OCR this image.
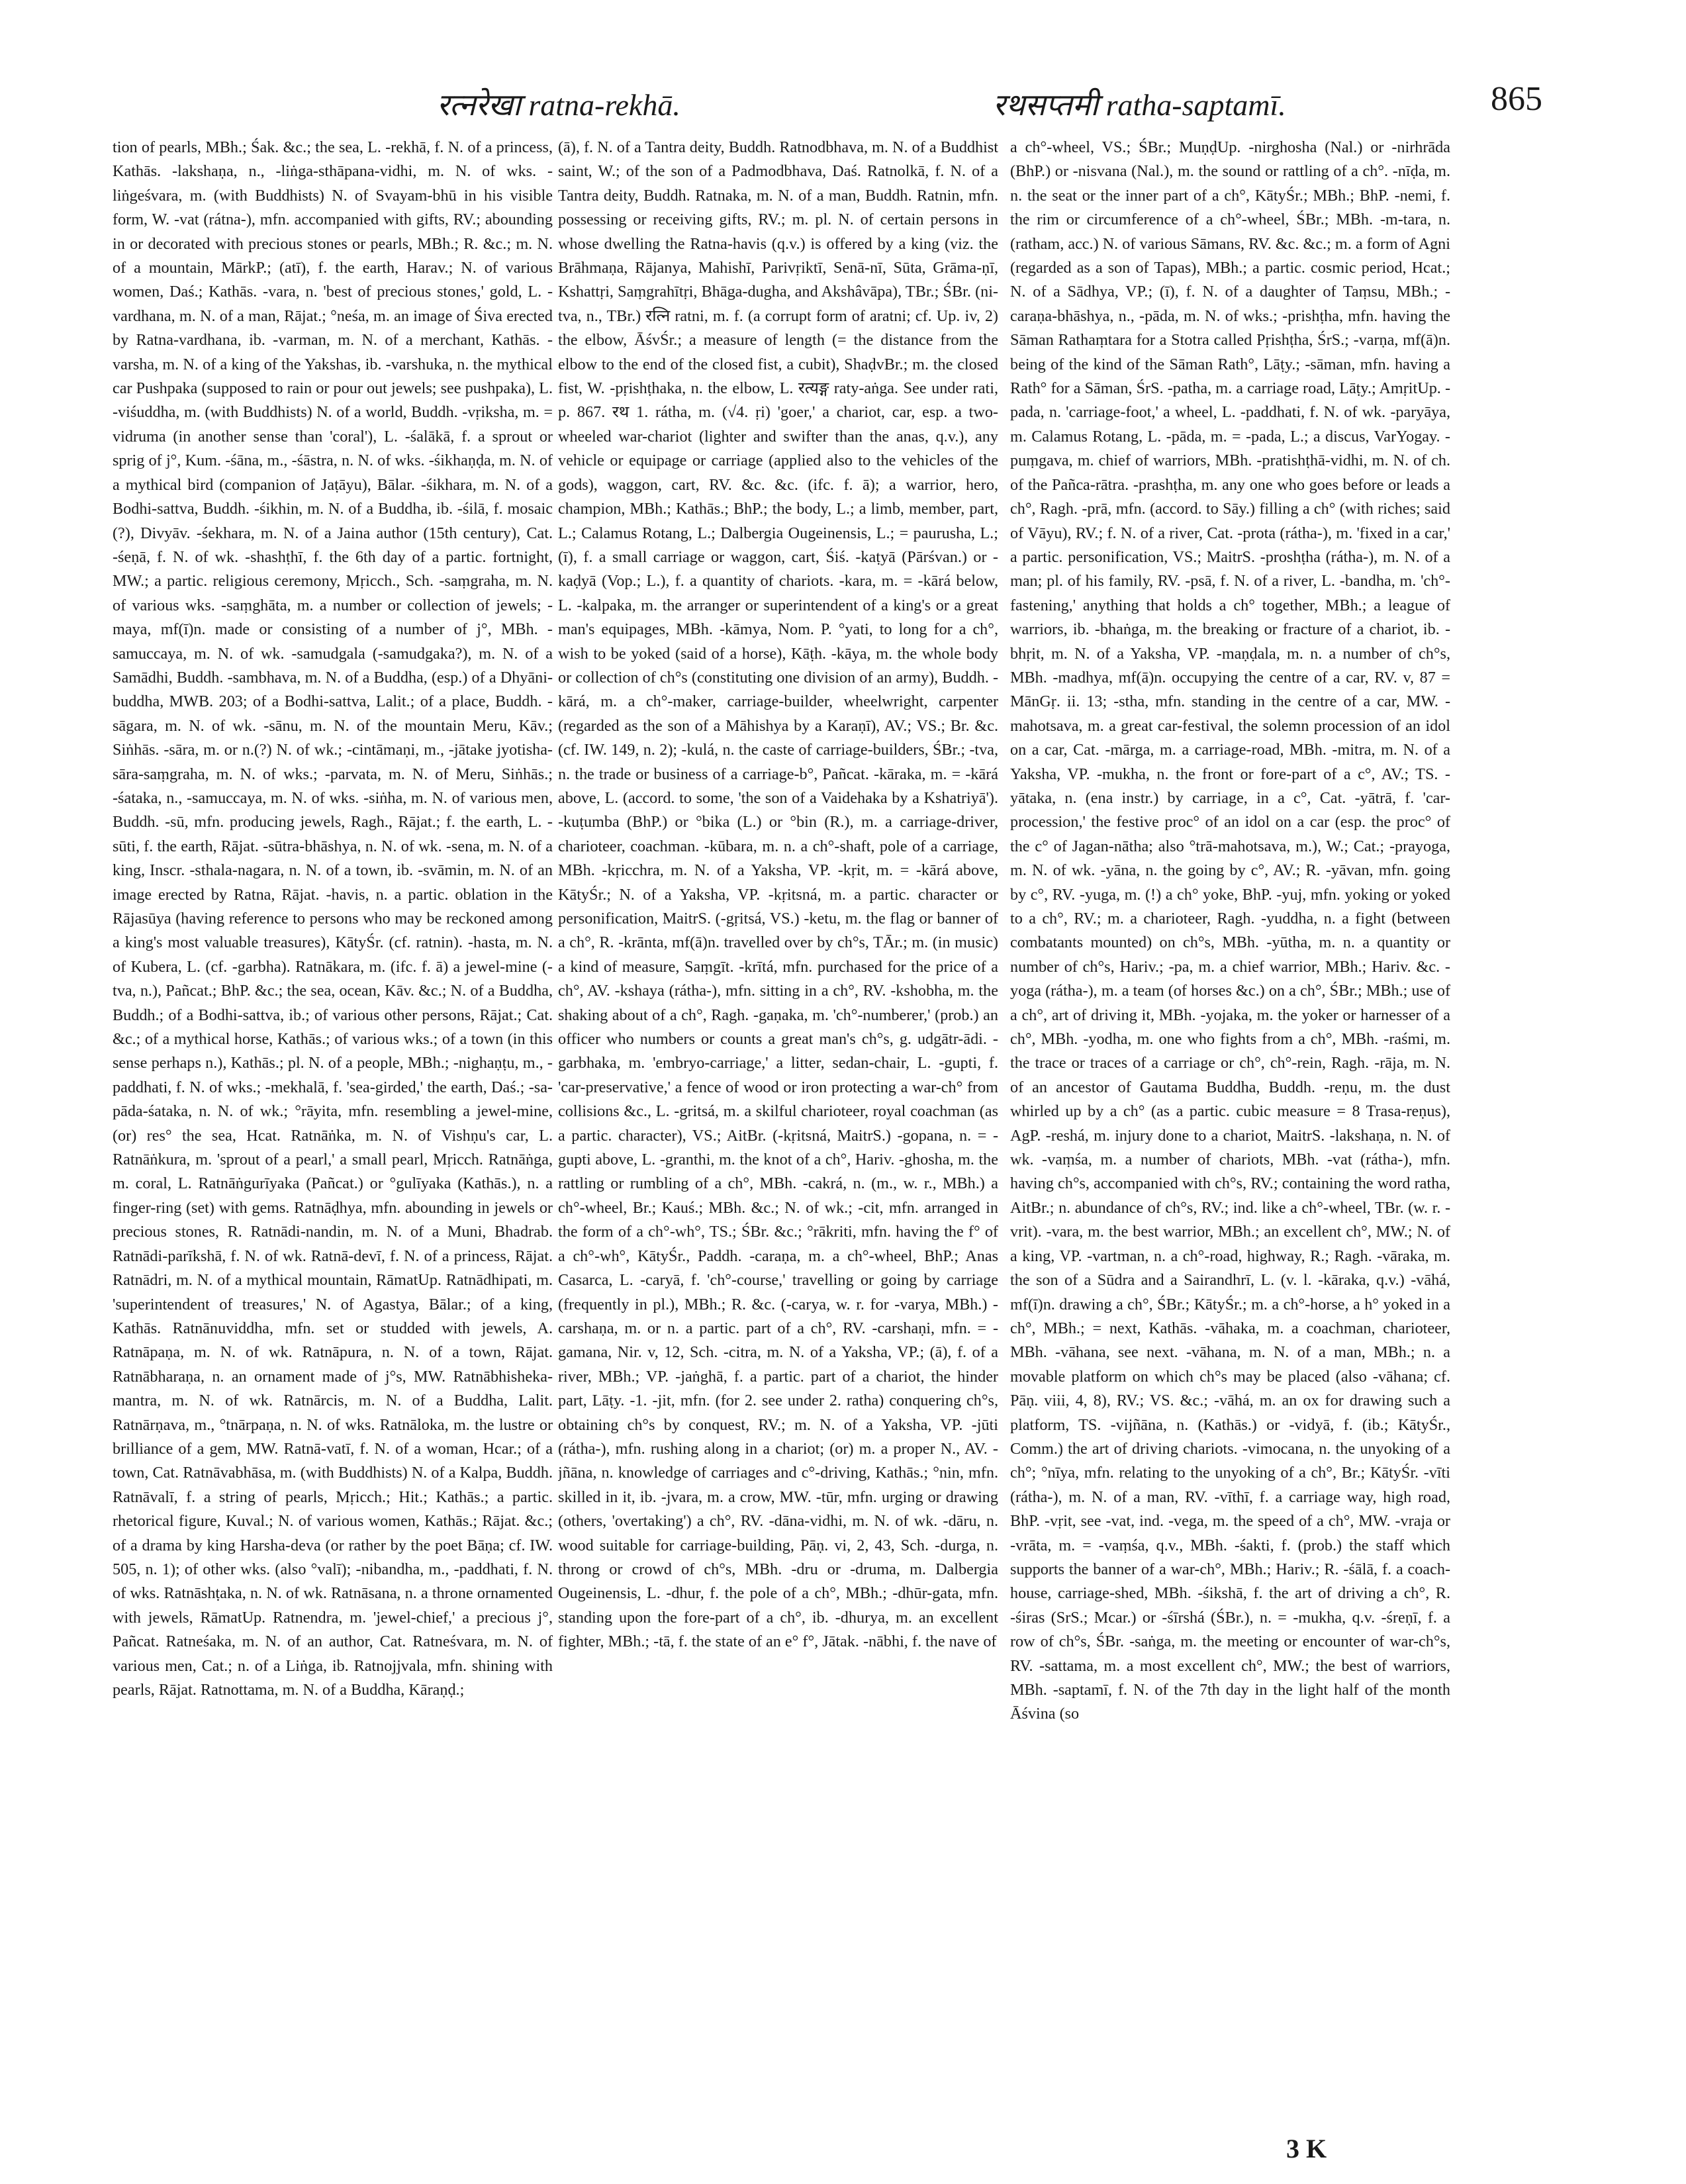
रत्नरेखा ratna-rekhā.	रथसप्तमी ratha-saptamī.	865

tion of pearls, MBh.; Śak. &c.; the sea, L. -rekhā, f. N. of a princess, Kathās. -lakshaṇa, n., -liṅga-sthāpana-vidhi, m. N. of wks. -liṅgeśvara, m. (with Buddhists) N. of Svayam-bhū in his visible form, W. -vat (rátna-), mfn. accompanied with gifts, RV.; abounding in or decorated with precious stones or pearls, MBh.; R. &c.; m. N. of a mountain, MārkP.; (atī), f. the earth, Harav.; N. of various women, Daś.; Kathās. -vara, n. 'best of precious stones,' gold, L. -vardhana, m. N. of a man, Rājat.; °neśa, m. an image of Śiva erected by Ratna-vardhana, ib. -varman, m. N. of a merchant, Kathās. -varsha, m. N. of a king of the Yakshas, ib. -varshuka, n. the mythical car Pushpaka (supposed to rain or pour out jewels; see pushpaka), L. -viśuddha, m. (with Buddhists) N. of a world, Buddh. -vṛiksha, m. = vidruma (in another sense than 'coral'), L. -śalākā, f. a sprout or sprig of j°, Kum. -śāna, m., -śāstra, n. N. of wks. -śikhaṇḍa, m. N. of a mythical bird (companion of Jaṭāyu), Bālar. -śikhara, m. N. of a Bodhi-sattva, Buddh. -śikhin, m. N. of a Buddha, ib. -śilā, f. mosaic (?), Divyāv. -śekhara, m. N. of a Jaina author (15th century), Cat. -śeṇā, f. N. of wk. -shashṭhī, f. the 6th day of a partic. fortnight, MW.; a partic. religious ceremony, Mṛicch., Sch. -saṃgraha, m. N. of various wks. -saṃghāta, m. a number or collection of jewels; -maya, mf(ī)n. made or consisting of a number of j°, MBh. -samuccaya, m. N. of wk. -samudgala (-samudgaka?), m. N. of a Samādhi, Buddh. -sambhava, m. N. of a Buddha, (esp.) of a Dhyāni-buddha, MWB. 203; of a Bodhi-sattva, Lalit.; of a place, Buddh. -sāgara, m. N. of wk. -sānu, m. N. of the mountain Meru, Kāv.; Siṅhās. -sāra, m. or n.(?) N. of wk.; -cintāmaṇi, m., -jātake jyotisha-sāra-saṃgraha, m. N. of wks.; -parvata, m. N. of Meru, Siṅhās.; -śataka, n., -samuccaya, m. N. of wks. -siṅha, m. N. of various men, Buddh. -sū, mfn. producing jewels, Ragh., Rājat.; f. the earth, L. -sūti, f. the earth, Rājat. -sūtra-bhāshya, n. N. of wk. -sena, m. N. of a king, Inscr. -sthala-nagara, n. N. of a town, ib. -svāmin, m. N. of an image erected by Ratna, Rājat. -havis, n. a partic. oblation in the Rājasūya (having reference to persons who may be reckoned among a king's most valuable treasures), KātyŚr. (cf. ratnin). -hasta, m. N. of Kubera, L. (cf. -garbha). Ratnākara, m. (ifc. f. ā) a jewel-mine (-tva, n.), Pañcat.; BhP. &c.; the sea, ocean, Kāv. &c.; N. of a Buddha, Buddh.; of a Bodhi-sattva, ib.; of various other persons, Rājat.; Cat. &c.; of a mythical horse, Kathās.; of various wks.; of a town (in this sense perhaps n.), Kathās.; pl. N. of a people, MBh.; -nighaṇṭu, m., -paddhati, f. N. of wks.; -mekhalā, f. 'sea-girded,' the earth, Daś.; -sa-pāda-śataka, n. N. of wk.; °rāyita, mfn. resembling a jewel-mine, (or) res° the sea, Hcat. Ratnāṅka, m. N. of Vishṇu's car, L. Ratnāṅkura, m. 'sprout of a pearl,' a small pearl, Mṛicch. Ratnāṅga, m. coral, L. Ratnāṅgurīyaka (Pañcat.) or °gulīyaka (Kathās.), n. a finger-ring (set) with gems. Ratnāḍhya, mfn. abounding in jewels or precious stones, R. Ratnādi-nandin, m. N. of a Muni, Bhadrab. Ratnādi-parīkshā, f. N. of wk. Ratnā-devī, f. N. of a princess, Rājat. Ratnādri, m. N. of a mythical mountain, RāmatUp. Ratnādhipati, m. 'superintendent of treasures,' N. of Agastya, Bālar.; of a king, Kathās. Ratnānuviddha, mfn. set or studded with jewels, A. Ratnāpaṇa, m. N. of wk. Ratnāpura, n. N. of a town, Rājat. Ratnābharaṇa, n. an ornament made of j°s, MW. Ratnābhisheka-mantra, m. N. of wk. Ratnārcis, m. N. of a Buddha, Lalit. Ratnārṇava, m., °tnārpaṇa, n. N. of wks. Ratnāloka, m. the lustre or brilliance of a gem, MW. Ratnā-vatī, f. N. of a woman, Hcar.; of a town, Cat. Ratnāvabhāsa, m. (with Buddhists) N. of a Kalpa, Buddh. Ratnāvalī, f. a string of pearls, Mṛicch.; Hit.; Kathās.; a partic. rhetorical figure, Kuval.; N. of various women, Kathās.; Rājat. &c.; of a drama by king Harsha-deva (or rather by the poet Bāṇa; cf. IW. 505, n. 1); of other wks. (also °valī); -nibandha, m., -paddhati, f. N. of wks. Ratnāshṭaka, n. N. of wk. Ratnāsana, n. a throne ornamented with jewels, RāmatUp. Ratnendra, m. 'jewel-chief,' a precious j°, Pañcat. Ratneśaka, m. N. of an author, Cat. Ratneśvara, m. N. of various men, Cat.; n. of a Liṅga, ib. Ratnojjvala, mfn. shining with pearls, Rājat. Ratnottama, m. N. of a Buddha, Kāraṇḍ.;

(ā), f. N. of a Tantra deity, Buddh. Ratnodbhava, m. N. of a Buddhist saint, W.; of the son of a Padmodbhava, Daś. Ratnolkā, f. N. of a Tantra deity, Buddh. Ratnaka, m. N. of a man, Buddh. Ratnin, mfn. possessing or receiving gifts, RV.; m. pl. N. of certain persons in whose dwelling the Ratna-havis (q.v.) is offered by a king (viz. the Brāhmaṇa, Rājanya, Mahishī, Parivṛiktī, Senā-nī, Sūta, Grāma-ṇī, Kshattṛi, Saṃgrahītṛi, Bhāga-dugha, and Akshâvāpa), TBr.; ŚBr. (ni-tva, n., TBr.) रत्नि ratni, m. f. (a corrupt form of aratni; cf. Up. iv, 2) the elbow, ĀśvŚr.; a measure of length (= the distance from the elbow to the end of the closed fist, a cubit), ShaḍvBr.; m. the closed fist, W. -pṛishṭhaka, n. the elbow, L. रत्यङ्ग raty-aṅga. See under rati, p. 867. रथ 1. rátha, m. (√4. ṛi) 'goer,' a chariot, car, esp. a two-wheeled war-chariot (lighter and swifter than the anas, q.v.), any vehicle or equipage or carriage (applied also to the vehicles of the gods), waggon, cart, RV. &c. &c. (ifc. f. ā); a warrior, hero, champion, MBh.; Kathās.; BhP.; the body, L.; a limb, member, part, L.; Calamus Rotang, L.; Dalbergia Ougeinensis, L.; = paurusha, L.; (ī), f. a small carriage or waggon, cart, Śiś. -kaṭyā (Pārśvan.) or -kaḍyā (Vop.; L.), f. a quantity of chariots. -kara, m. = -kārá below, L. -kalpaka, m. the arranger or superintendent of a king's or a great man's equipages, MBh. -kāmya, Nom. P. °yati, to long for a ch°, wish to be yoked (said of a horse), Kāṭh. -kāya, m. the whole body or collection of ch°s (constituting one division of an army), Buddh. -kārá, m. a ch°-maker, carriage-builder, wheelwright, carpenter (regarded as the son of a Māhishya by a Karaṇī), AV.; VS.; Br. &c. (cf. IW. 149, n. 2); -kulá, n. the caste of carriage-builders, ŚBr.; -tva, n. the trade or business of a carriage-b°, Pañcat. -kāraka, m. = -kārá above, L. (accord. to some, 'the son of a Vaidehaka by a Kshatriyā'). -kuṭumba (BhP.) or °bika (L.) or °bin (R.), m. a carriage-driver, charioteer, coachman. -kūbara, m. n. a ch°-shaft, pole of a carriage, MBh. -kṛicchra, m. N. of a Yaksha, VP. -kṛit, m. = -kārá above, KātyŚr.; N. of a Yaksha, VP. -kṛitsná, m. a partic. character or personification, MaitrS. (-gṛitsá, VS.) -ketu, m. the flag or banner of a ch°, R. -krānta, mf(ā)n. travelled over by ch°s, TĀr.; m. (in music) a kind of measure, Saṃgīt. -krītá, mfn. purchased for the price of a ch°, AV. -kshaya (rátha-), mfn. sitting in a ch°, RV. -kshobha, m. the shaking about of a ch°, Ragh. -gaṇaka, m. 'ch°-numberer,' (prob.) an officer who numbers or counts a great man's ch°s, g. udgātr-ādi. -garbhaka, m. 'embryo-carriage,' a litter, sedan-chair, L. -gupti, f. 'car-preservative,' a fence of wood or iron protecting a war-ch° from collisions &c., L. -gritsá, m. a skilful charioteer, royal coachman (as a partic. character), VS.; AitBr. (-kṛitsná, MaitrS.) -gopana, n. = -gupti above, L. -granthi, m. the knot of a ch°, Hariv. -ghosha, m. the rattling or rumbling of a ch°, MBh. -cakrá, n. (m., w. r., MBh.) a ch°-wheel, Br.; Kauś.; MBh. &c.; N. of wk.; -cit, mfn. arranged in the form of a ch°-wh°, TS.; ŚBr. &c.; °rākriti, mfn. having the f° of a ch°-wh°, KātyŚr., Paddh. -caraṇa, m. a ch°-wheel, BhP.; Anas Casarca, L. -caryā, f. 'ch°-course,' travelling or going by carriage (frequently in pl.), MBh.; R. &c. (-carya, w. r. for -varya, MBh.) -carshaṇa, m. or n. a partic. part of a ch°, RV. -carshaṇi, mfn. = -gamana, Nir. v, 12, Sch. -citra, m. N. of a Yaksha, VP.; (ā), f. of a river, MBh.; VP. -jaṅghā, f. a partic. part of a chariot, the hinder part, Lāṭy. -1. -jit, mfn. (for 2. see under 2. ratha) conquering ch°s, obtaining ch°s by conquest, RV.; m. N. of a Yaksha, VP. -jūti (rátha-), mfn. rushing along in a chariot; (or) m. a proper N., AV. -jñāna, n. knowledge of carriages and c°-driving, Kathās.; °nin, mfn. skilled in it, ib. -jvara, m. a crow, MW. -tūr, mfn. urging or drawing (others, 'overtaking') a ch°, RV. -dāna-vidhi, m. N. of wk. -dāru, n. wood suitable for carriage-building, Pāṇ. vi, 2, 43, Sch. -durga, n. throng or crowd of ch°s, MBh. -dru or -druma, m. Dalbergia Ougeinensis, L. -dhur, f. the pole of a ch°, MBh.; -dhūr-gata, mfn. standing upon the fore-part of a ch°, ib. -dhurya, m. an excellent fighter, MBh.; -tā, f. the state of an e° f°, Jātak. -nābhi, f. the nave of

a ch°-wheel, VS.; ŚBr.; MuṇḍUp. -nirghosha (Nal.) or -nirhrāda (BhP.) or -nisvana (Nal.), m. the sound or rattling of a ch°. -nīḍa, m. n. the seat or the inner part of a ch°, KātyŚr.; MBh.; BhP. -nemi, f. the rim or circumference of a ch°-wheel, ŚBr.; MBh. -m-tara, n. (ratham, acc.) N. of various Sāmans, RV. &c. &c.; m. a form of Agni (regarded as a son of Tapas), MBh.; a partic. cosmic period, Hcat.; N. of a Sādhya, VP.; (ī), f. N. of a daughter of Taṃsu, MBh.; -caraṇa-bhāshya, n., -pāda, m. N. of wks.; -prishṭha, mfn. having the Sāman Rathaṃtara for a Stotra called Pṛishṭha, ŚrS.; -varṇa, mf(ā)n. being of the kind of the Sāman Rath°, Lāṭy.; -sāman, mfn. having a Rath° for a Sāman, ŚrS. -patha, m. a carriage road, Lāṭy.; AmṛitUp. -pada, n. 'carriage-foot,' a wheel, L. -paddhati, f. N. of wk. -paryāya, m. Calamus Rotang, L. -pāda, m. = -pada, L.; a discus, VarYogay. -puṃgava, m. chief of warriors, MBh. -pratishṭhā-vidhi, m. N. of ch. of the Pañca-rātra. -prashṭha, m. any one who goes before or leads a ch°, Ragh. -prā, mfn. (accord. to Sāy.) filling a ch° (with riches; said of Vāyu), RV.; f. N. of a river, Cat. -prota (rátha-), m. 'fixed in a car,' a partic. personification, VS.; MaitrS. -proshṭha (rátha-), m. N. of a man; pl. of his family, RV. -psā, f. N. of a river, L. -bandha, m. 'ch°-fastening,' anything that holds a ch° together, MBh.; a league of warriors, ib. -bhaṅga, m. the breaking or fracture of a chariot, ib. -bhṛit, m. N. of a Yaksha, VP. -maṇḍala, m. n. a number of ch°s, MBh. -madhya, mf(ā)n. occupying the centre of a car, RV. v, 87 = MānGṛ. ii. 13; -stha, mfn. standing in the centre of a car, MW. -mahotsava, m. a great car-festival, the solemn procession of an idol on a car, Cat. -mārga, m. a carriage-road, MBh. -mitra, m. N. of a Yaksha, VP. -mukha, n. the front or fore-part of a c°, AV.; TS. -yātaka, n. (ena instr.) by carriage, in a c°, Cat. -yātrā, f. 'car-procession,' the festive proc° of an idol on a car (esp. the proc° of the c° of Jagan-nātha; also °trā-mahotsava, m.), W.; Cat.; -prayoga, m. N. of wk. -yāna, n. the going by c°, AV.; R. -yāvan, mfn. going by c°, RV. -yuga, m. (!) a ch° yoke, BhP. -yuj, mfn. yoking or yoked to a ch°, RV.; m. a charioteer, Ragh. -yuddha, n. a fight (between combatants mounted) on ch°s, MBh. -yūtha, m. n. a quantity or number of ch°s, Hariv.; -pa, m. a chief warrior, MBh.; Hariv. &c. -yoga (rátha-), m. a team (of horses &c.) on a ch°, ŚBr.; MBh.; use of a ch°, art of driving it, MBh. -yojaka, m. the yoker or harnesser of a ch°, MBh. -yodha, m. one who fights from a ch°, MBh. -raśmi, m. the trace or traces of a carriage or ch°, ch°-rein, Ragh. -rāja, m. N. of an ancestor of Gautama Buddha, Buddh. -reṇu, m. the dust whirled up by a ch° (as a partic. cubic measure = 8 Trasa-reṇus), AgP. -reshá, m. injury done to a chariot, MaitrS. -lakshaṇa, n. N. of wk. -vaṃśa, m. a number of chariots, MBh. -vat (rátha-), mfn. having ch°s, accompanied with ch°s, RV.; containing the word ratha, AitBr.; n. abundance of ch°s, RV.; ind. like a ch°-wheel, TBr. (w. r. -vrit). -vara, m. the best warrior, MBh.; an excellent ch°, MW.; N. of a king, VP. -vartman, n. a ch°-road, highway, R.; Ragh. -vāraka, m. the son of a Sūdra and a Sairandhrī, L. (v. l. -kāraka, q.v.) -vāhá, mf(ī)n. drawing a ch°, ŚBr.; KātyŚr.; m. a ch°-horse, a h° yoked in a ch°, MBh.; = next, Kathās. -vāhaka, m. a coachman, charioteer, MBh. -vāhana, see next. -vāhana, m. N. of a man, MBh.; n. a movable platform on which ch°s may be placed (also -vāhana; cf. Pāṇ. viii, 4, 8), RV.; VS. &c.; -vāhá, m. an ox for drawing such a platform, TS. -vijñāna, n. (Kathās.) or -vidyā, f. (ib.; KātyŚr., Comm.) the art of driving chariots. -vimocana, n. the unyoking of a ch°; °nīya, mfn. relating to the unyoking of a ch°, Br.; KātyŚr. -vīti (rátha-), m. N. of a man, RV. -vīthī, f. a carriage way, high road, BhP. -vṛit, see -vat, ind. -vega, m. the speed of a ch°, MW. -vraja or -vrāta, m. = -vaṃśa, q.v., MBh. -śakti, f. (prob.) the staff which supports the banner of a war-ch°, MBh.; Hariv.; R. -śālā, f. a coach-house, carriage-shed, MBh. -śikshā, f. the art of driving a ch°, R. -śiras (SrS.; Mcar.) or -śīrshá (ŚBr.), n. = -mukha, q.v. -śreṇī, f. a row of ch°s, ŚBr. -saṅga, m. the meeting or encounter of war-ch°s, RV. -sattama, m. a most excellent ch°, MW.; the best of warriors, MBh. -saptamī, f. N. of the 7th day in the light half of the month Āśvina (so

3 K
